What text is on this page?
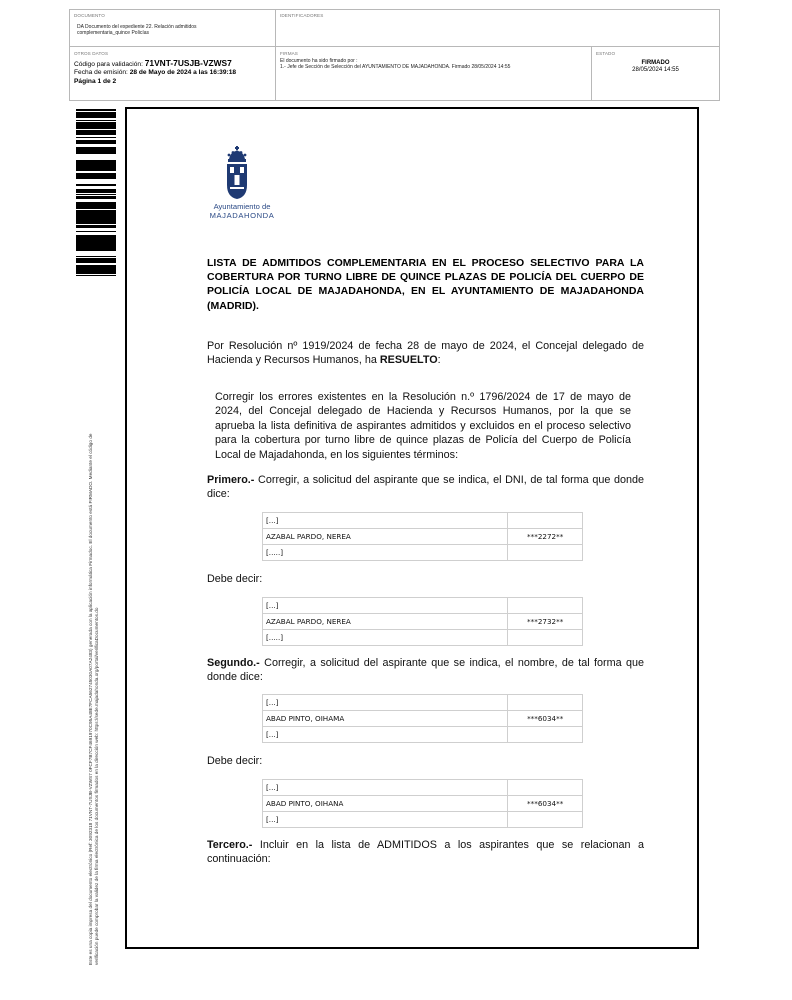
DOCUMENTO
DA Documento del expediente 22. Relación admitidos complementaria_quince Policías
IDENTIFICADORES
OTROS DATOS
Código para validación: 71VNT-7USJB-VZWS7
Fecha de emisión: 28 de Mayo de 2024 a las 16:39:18
Página 1 de 2
FIRMAS
El documento ha sido firmado por :
1.- Jefe de Sección de Selección del AYUNTAMIENTO DE MAJADAHONDA. Firmado 28/05/2024 14:55
ESTADO
FIRMADO
28/05/2024 14:55
Este es una copia impresa del documento electrónico (Ref: 3092318 71VNT-7USJB-VZWS7 0FCF7B7CF4691970C95A48E7FCA562745030A07A2483) generada con la aplicación informática Firmadoc. El documento está FIRMADO. Mediante el código de verificación puede comprobar la validez de la firma electrónica de los documentos firmados en la dirección web: https://sede.majadahonda.org/portal/verificaDocumentos.do
Ayuntamiento de
MAJADAHONDA
LISTA DE ADMITIDOS COMPLEMENTARIA EN EL PROCESO SELECTIVO PARA LA COBERTURA POR TURNO LIBRE DE QUINCE PLAZAS DE POLICÍA DEL CUERPO DE POLICÍA LOCAL DE MAJADAHONDA, EN EL AYUNTAMIENTO DE MAJADAHONDA (MADRID).
Por Resolución nº 1919/2024 de fecha 28 de mayo de 2024, el Concejal delegado de Hacienda y Recursos Humanos, ha RESUELTO:
Corregir los errores existentes en la Resolución n.º 1796/2024 de 17 de mayo de 2024, del Concejal delegado de Hacienda y Recursos Humanos, por la que se aprueba la lista definitiva de aspirantes admitidos y excluidos en el proceso selectivo para la cobertura por turno libre de quince plazas de Policía del Cuerpo de Policía Local de Majadahonda, en los siguientes términos:
Primero.- Corregir, a solicitud del aspirante que se indica, el DNI, de tal forma que donde dice:
[...]	
AZABAL PARDO, NEREA	***2272**
[.....]	
Debe decir:
[...]	
AZABAL PARDO, NEREA	***2732**
[.....]	
Segundo.- Corregir, a solicitud del aspirante que se indica, el nombre, de tal forma que donde dice:
[...]	
ABAD PINTO, OIHAMA	***6034**
[...]	
Debe decir:
[...]	
ABAD PINTO, OIHANA	***6034**
[...]	
Tercero.- Incluir en la lista de ADMITIDOS a los aspirantes que se relacionan a continuación:
